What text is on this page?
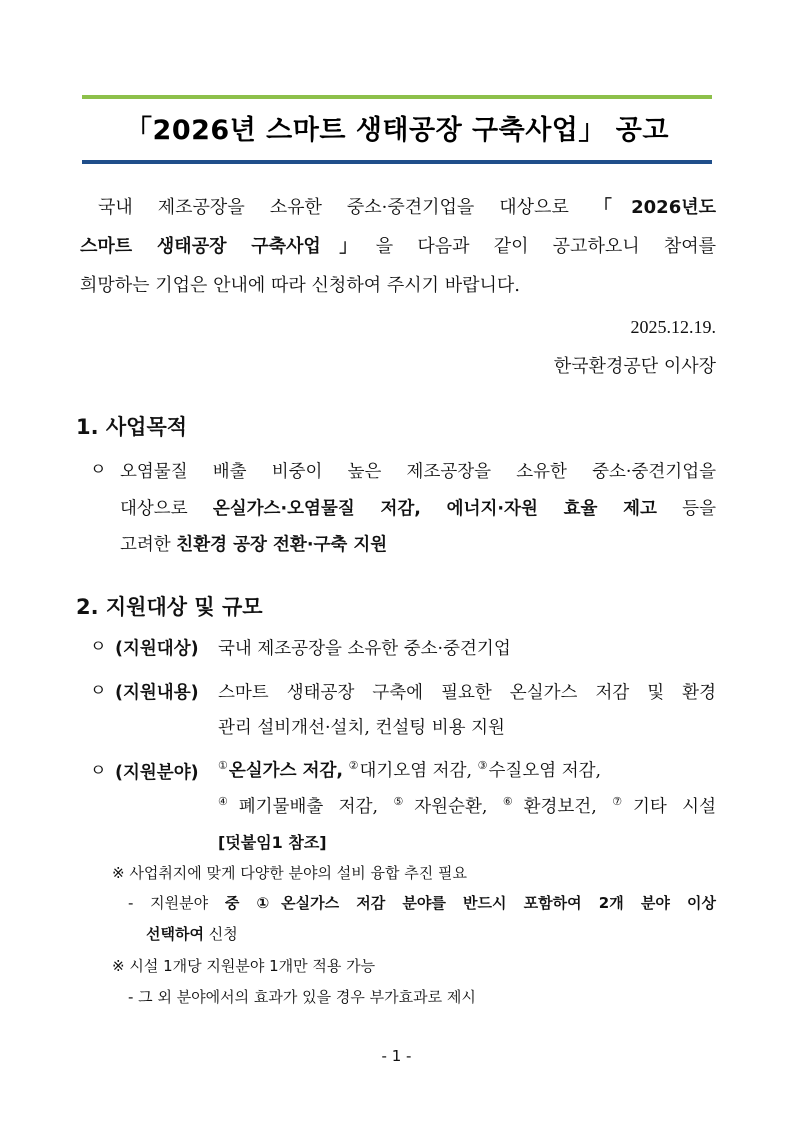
「2026년 스마트 생태공장 구축사업」 공고
국내 제조공장을 소유한 중소·중견기업을 대상으로 「2026년도
스마트 생태공장 구축사업」을 다음과 같이 공고하오니 참여를
희망하는 기업은 안내에 따라 신청하여 주시기 바랍니다.
2025.12.19.
한국환경공단 이사장
1. 사업목적
ㅇ 오염물질 배출 비중이 높은 제조공장을 소유한 중소·중견기업을
대상으로 온실가스·오염물질 저감, 에너지·자원 효율 제고 등을
고려한 친환경 공장 전환·구축 지원
2. 지원대상 및 규모
ㅇ (지원대상) 국내 제조공장을 소유한 중소·중견기업
ㅇ (지원내용) 스마트 생태공장 구축에 필요한 온실가스 저감 및 환경
관리 설비개선·설치, 컨설팅 비용 지원
ㅇ (지원분야) ①온실가스 저감, ②대기오염 저감, ③수질오염 저감,
④폐기물배출 저감, ⑤자원순환, ⑥환경보건, ⑦기타 시설
[덧붙임1 참조]
※ 사업취지에 맞게 다양한 분야의 설비 융합 추진 필요
- 지원분야 중 ①온실가스 저감 분야를 반드시 포함하여 2개 분야 이상
선택하여 신청
※ 시설 1개당 지원분야 1개만 적용 가능
- 그 외 분야에서의 효과가 있을 경우 부가효과로 제시
- 1 -
